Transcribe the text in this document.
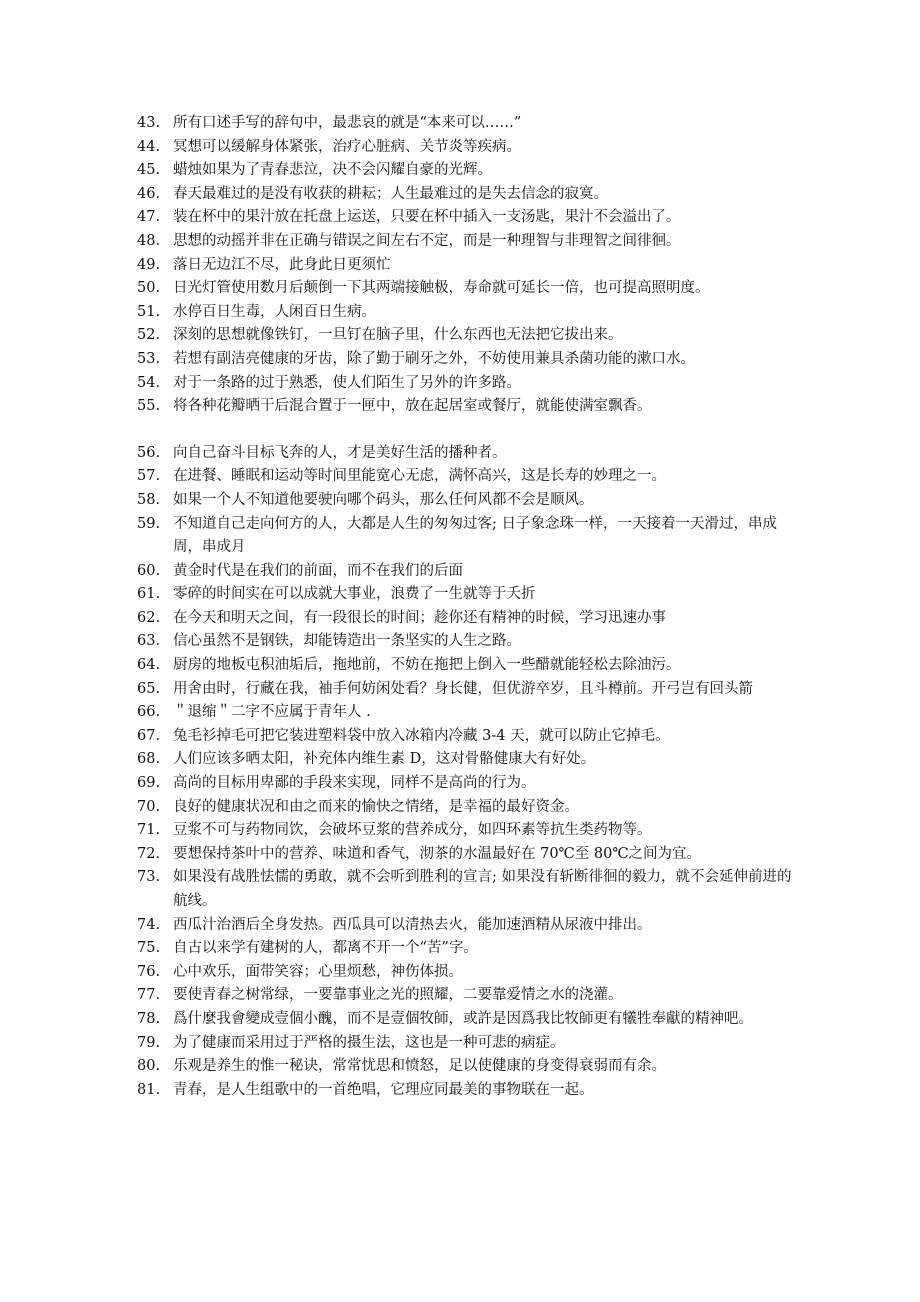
43. 所有口述手写的辞句中，最悲哀的就是“本来可以……”
44. 冥想可以缓解身体紧张，治疗心脏病、关节炎等疾病。
45. 蜡烛如果为了青春悲泣，决不会闪耀自豪的光辉。
46. 春天最难过的是没有收获的耕耘；人生最难过的是失去信念的寂寞。
47. 装在杯中的果汁放在托盘上运送，只要在杯中插入一支汤匙，果汁不会溢出了。
48. 思想的动摇并非在正确与错误之间左右不定，而是一种理智与非理智之间徘徊。
49. 落日无边江不尽，此身此日更须忙
50. 日光灯管使用数月后颠倒一下其两端接触极，寿命就可延长一倍，也可提高照明度。
51. 水停百日生毒，人闲百日生病。
52. 深刻的思想就像铁钉，一旦钉在脑子里，什么东西也无法把它拔出来。
53. 若想有副洁亮健康的牙齿，除了勤于刷牙之外，不妨使用兼具杀菌功能的漱口水。
54. 对于一条路的过于熟悉，使人们陌生了另外的许多路。
55. 将各种花瓣晒干后混合置于一匣中，放在起居室或餐厅，就能使满室飘香。
56. 向自己奋斗目标飞奔的人，才是美好生活的播种者。
57. 在进餐、睡眠和运动等时间里能宽心无虑，满怀高兴，这是长寿的妙理之一。
58. 如果一个人不知道他要驶向哪个码头，那么任何风都不会是顺风。
59. 不知道自己走向何方的人，大都是人生的匆匆过客; 日子象念珠一样，一天接着一天滑过，串成周，串成月
60. 黄金时代是在我们的前面，而不在我们的后面
61. 零碎的时间实在可以成就大事业，浪费了一生就等于夭折
62. 在今天和明天之间，有一段很长的时间；趁你还有精神的时候，学习迅速办事
63. 信心虽然不是钢铁，却能铸造出一条坚实的人生之路。
64. 厨房的地板屯积油垢后，拖地前，不妨在拖把上倒入一些醋就能轻松去除油污。
65. 用舍由时，行藏在我，袖手何妨闲处看？身长健，但优游卒岁，且斗樽前。开弓岂有回头箭
66. ＂退缩＂二字不应属于青年人 .
67. 兔毛衫掉毛可把它装进塑料袋中放入冰箱内冷藏 3-4 天，就可以防止它掉毛。
68. 人们应该多晒太阳，补充体内维生素 D，这对骨骼健康大有好处。
69. 高尚的目标用卑鄙的手段来实现，同样不是高尚的行为。
70. 良好的健康状况和由之而来的愉快之情绪，是幸福的最好资金。
71. 豆浆不可与药物同饮，会破坏豆浆的营养成分，如四环素等抗生类药物等。
72. 要想保持茶叶中的营养、味道和香气，沏茶的水温最好在 70℃至 80℃之间为宜。
73. 如果没有战胜怯懦的勇敢，就不会听到胜利的宣言; 如果没有斩断徘徊的毅力，就不会延伸前进的航线。
74. 西瓜汁治酒后全身发热。西瓜具可以清热去火，能加速酒精从尿液中排出。
75. 自古以来学有建树的人，都离不开一个“苦”字。
76. 心中欢乐，面带笑容；心里烦愁，神伤体损。
77. 要使青春之树常绿，一要靠事业之光的照耀，二要靠爱情之水的浇灌。
78. 爲什麼我會變成壹個小醜，而不是壹個牧師，或許是因爲我比牧師更有犧牲奉獻的精神吧。
79. 为了健康而采用过于严格的摄生法，这也是一种可悲的病症。
80. 乐观是养生的惟一秘诀，常常忧思和愤怒，足以使健康的身变得衰弱而有余。
81. 青春，是人生组歌中的一首绝唱，它理应同最美的事物联在一起。
